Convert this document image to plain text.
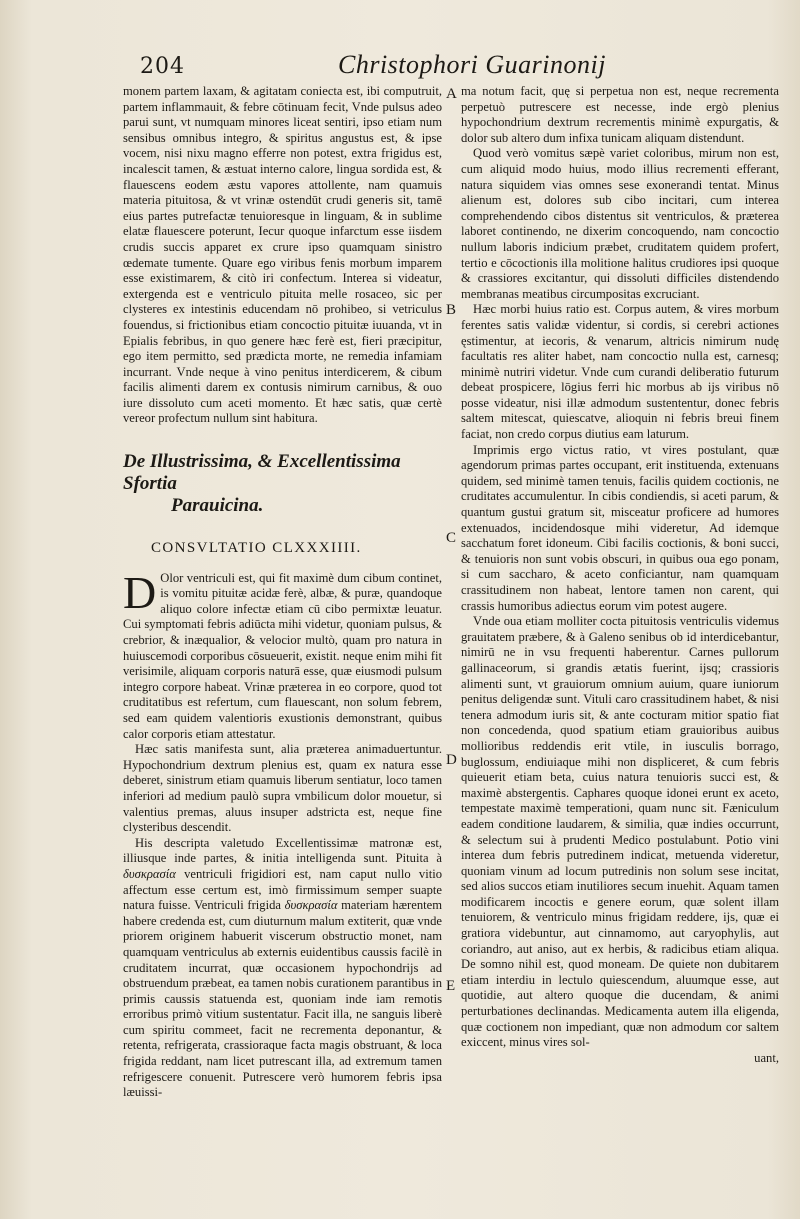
204	Christophori Guarinonij
A
B
C
D
E

monem partem laxam, & agitatam coniecta est, ibi computruit, partem inflammauit, & febre cōtinuam fecit, Vnde pulsus adeo parui sunt, vt numquam minores liceat sentiri, ipso etiam num sensibus omnibus integro, & spiritus angustus est, & ipse vocem, nisi nixu magno efferre non potest, extra frigidus est, incalescit tamen, & æstuat interno calore, lingua sordida est, & flauescens eodem æstu vapores attollente, nam quamuis materia pituitosa, & vt vrinæ ostendūt crudi generis sit, tamē eius partes putrefactæ tenuioresque in linguam, & in sublime elatæ flauescere poterunt, Iecur quoque infarctum esse iisdem crudis succis apparet ex crure ipso quamquam sinistro œdemate tumente. Quare ego viribus fenis morbum imparem esse existimarem, & citò iri confectum. Interea si videatur, extergenda est e ventriculo pituita melle rosaceo, sic per clysteres ex intestinis educendam nō prohibeo, si vetriculus fouendus, si frictionibus etiam concoctio pituitæ iuuanda, vt in Epialis febribus, in quo genere hæc ferè est, fieri præcipitur, ego item permitto, sed prædicta morte, ne remedia infamiam incurrant. Vnde neque à vino penitus interdicerem, & cibum facilis alimenti darem ex contusis nimirum carnibus, & ouo iure dissoluto cum aceti momento. Et hæc satis, quæ certè vereor profectum nullum sint habitura.

De Illustrissima, & Excellentissima Sfortia

Parauicina.

CONSVLTATIO CLXXXIIII.

D Olor ventriculi est, qui fit maximè dum cibum continet, is vomitu pituitæ acidæ ferè, albæ, & puræ, quandoque aliquo colore infectæ etiam cū cibo permixtæ leuatur. Cui symptomati febris adiūcta mihi videtur, quoniam pulsus, & crebrior, & inæqualior, & velocior multò, quam pro natura in huiuscemodi corporibus cōsueuerit, existit. neque enim mihi fit verisimile, aliquam corporis naturā esse, quæ eiusmodi pulsum integro corpore habeat. Vrinæ præterea in eo corpore, quod tot cruditatibus est refertum, cum flauescant, non solum febrem, sed eam quidem valentioris exustionis demonstrant, quibus calor corporis etiam attestatur.

Hæc satis manifesta sunt, alia præterea animaduertuntur. Hypochondrium dextrum plenius est, quam ex natura esse deberet, sinistrum etiam quamuis liberum sentiatur, loco tamen inferiori ad medium paulò supra vmbilicum dolor mouetur, si valentius premas, aluus insuper adstricta est, neque fine clysteribus descendit.

His descripta valetudo Excellentissimæ matronæ est, illiusque inde partes, & initia intelligenda sunt. Pituita à δυσκρασία ventriculi frigidiori est, nam caput nullo vitio affectum esse certum est, imò firmissimum semper suapte natura fuisse. Ventriculi frigida δυσκρασία materiam hærentem habere credenda est, cum diuturnum malum extiterit, quæ vnde priorem originem habuerit viscerum obstructio monet, nam quamquam ventriculus ab externis euidentibus caussis facilè in cruditatem incurrat, quæ occasionem hypochondrijs ad obstruendum præbeat, ea tamen nobis curationem parantibus in primis caussis statuenda est, quoniam inde iam remotis erroribus primò vitium sustentatur. Facit illa, ne sanguis liberè cum spiritu commeet, facit ne recrementa deponantur, & retenta, refrigerata, crassioraque facta magis obstruant, & loca frigida reddant, nam licet putrescant illa, ad extremum tamen refrigescere conuenit. Putrescere verò humorem febris ipsa læuissi-

ma notum facit, quę si perpetua non est, neque recrementa perpetuò putrescere est necesse, inde ergò plenius hypochondrium dextrum recrementis minimè expurgatis, & dolor sub altero dum infixa tunicam aliquam distendunt.

Quod verò vomitus sæpè variet coloribus, mirum non est, cum aliquid modo huius, modo illius recrementi efferant, natura siquidem vias omnes sese exonerandi tentat. Minus alienum est, dolores sub cibo incitari, cum interea comprehendendo cibos distentus sit ventriculos, & præterea laboret continendo, ne dixerim concoquendo, nam concoctio nullum laboris indicium præbet, cruditatem quidem profert, tertio e cōcoctionis illa molitione halitus crudiores ipsi quoque & crassiores excitantur, qui dissoluti difficiles distendendo membranas meatibus circumpositas excruciant.

Hæc morbi huius ratio est. Corpus autem, & vires morbum ferentes satis validæ videntur, si cordis, si cerebri actiones ęstimentur, at iecoris, & venarum, altricis nimirum nudę facultatis res aliter habet, nam concoctio nulla est, carnesq; minimè nutriri videtur. Vnde cum curandi deliberatio futurum debeat prospicere, lōgius ferri hic morbus ab ijs viribus nō posse videatur, nisi illæ admodum sustententur, donec febris saltem mitescat, quiescatve, alioquin ni febris breui finem faciat, non credo corpus diutius eam laturum.

Imprimis ergo victus ratio, vt vires postulant, quæ agendorum primas partes occupant, erit instituenda, extenuans quidem, sed minimè tamen tenuis, facilis quidem coctionis, ne cruditates accumulentur. In cibis condiendis, si aceti parum, & quantum gustui gratum sit, misceatur proficere ad humores extenuados, incidendosque mihi videretur, Ad idemque sacchatum foret idoneum. Cibi facilis coctionis, & boni succi, & tenuioris non sunt vobis obscuri, in quibus oua ego ponam, si cum saccharo, & aceto conficiantur, nam quamquam crassitudinem non habeat, lentore tamen non carent, qui crassis humoribus adiectus eorum vim potest augere.

Vnde oua etiam molliter cocta pituitosis ventriculis videmus grauitatem præbere, & à Galeno senibus ob id interdicebantur, nimirū ne in vsu frequenti haberentur. Carnes pullorum gallinaceorum, si grandis ætatis fuerint, ijsq; crassioris alimenti sunt, vt grauiorum omnium auium, quare iuniorum penitus deligendæ sunt. Vituli caro crassitudinem habet, & nisi tenera admodum iuris sit, & ante cocturam mitior spatio fiat non concedenda, quod spatium etiam grauioribus auibus mollioribus reddendis erit vtile, in iusculis borrago, buglossum, endiuiaque mihi non displiceret, & cum febris quieuerit etiam beta, cuius natura tenuioris succi est, & maximè abstergentis. Caphares quoque idonei erunt ex aceto, tempestate maximè temperationi, quam nunc sit. Fæniculum eadem conditione laudarem, & similia, quæ indies occurrunt, & selectum sui à prudenti Medico postulabunt. Potio vini interea dum febris putredinem indicat, metuenda videretur, quoniam vinum ad locum putredinis non solum sese incitat, sed alios succos etiam inutiliores secum inuehit. Aquam tamen modificarem incoctis e genere eorum, quæ solent illam tenuiorem, & ventriculo minus frigidam reddere, ijs, quæ ei gratiora videbuntur, aut cinnamomo, aut caryophylis, aut coriandro, aut aniso, aut ex herbis, & radicibus etiam aliqua. De somno nihil est, quod moneam. De quiete non dubitarem etiam interdiu in lectulo quiescendum, aluumque esse, aut quotidie, aut altero quoque die ducendam, & animi perturbationes declinandas. Medicamenta autem illa eligenda, quæ coctionem non impediant, quæ non admodum cor saltem exiccent, minus vires sol-

uant,
